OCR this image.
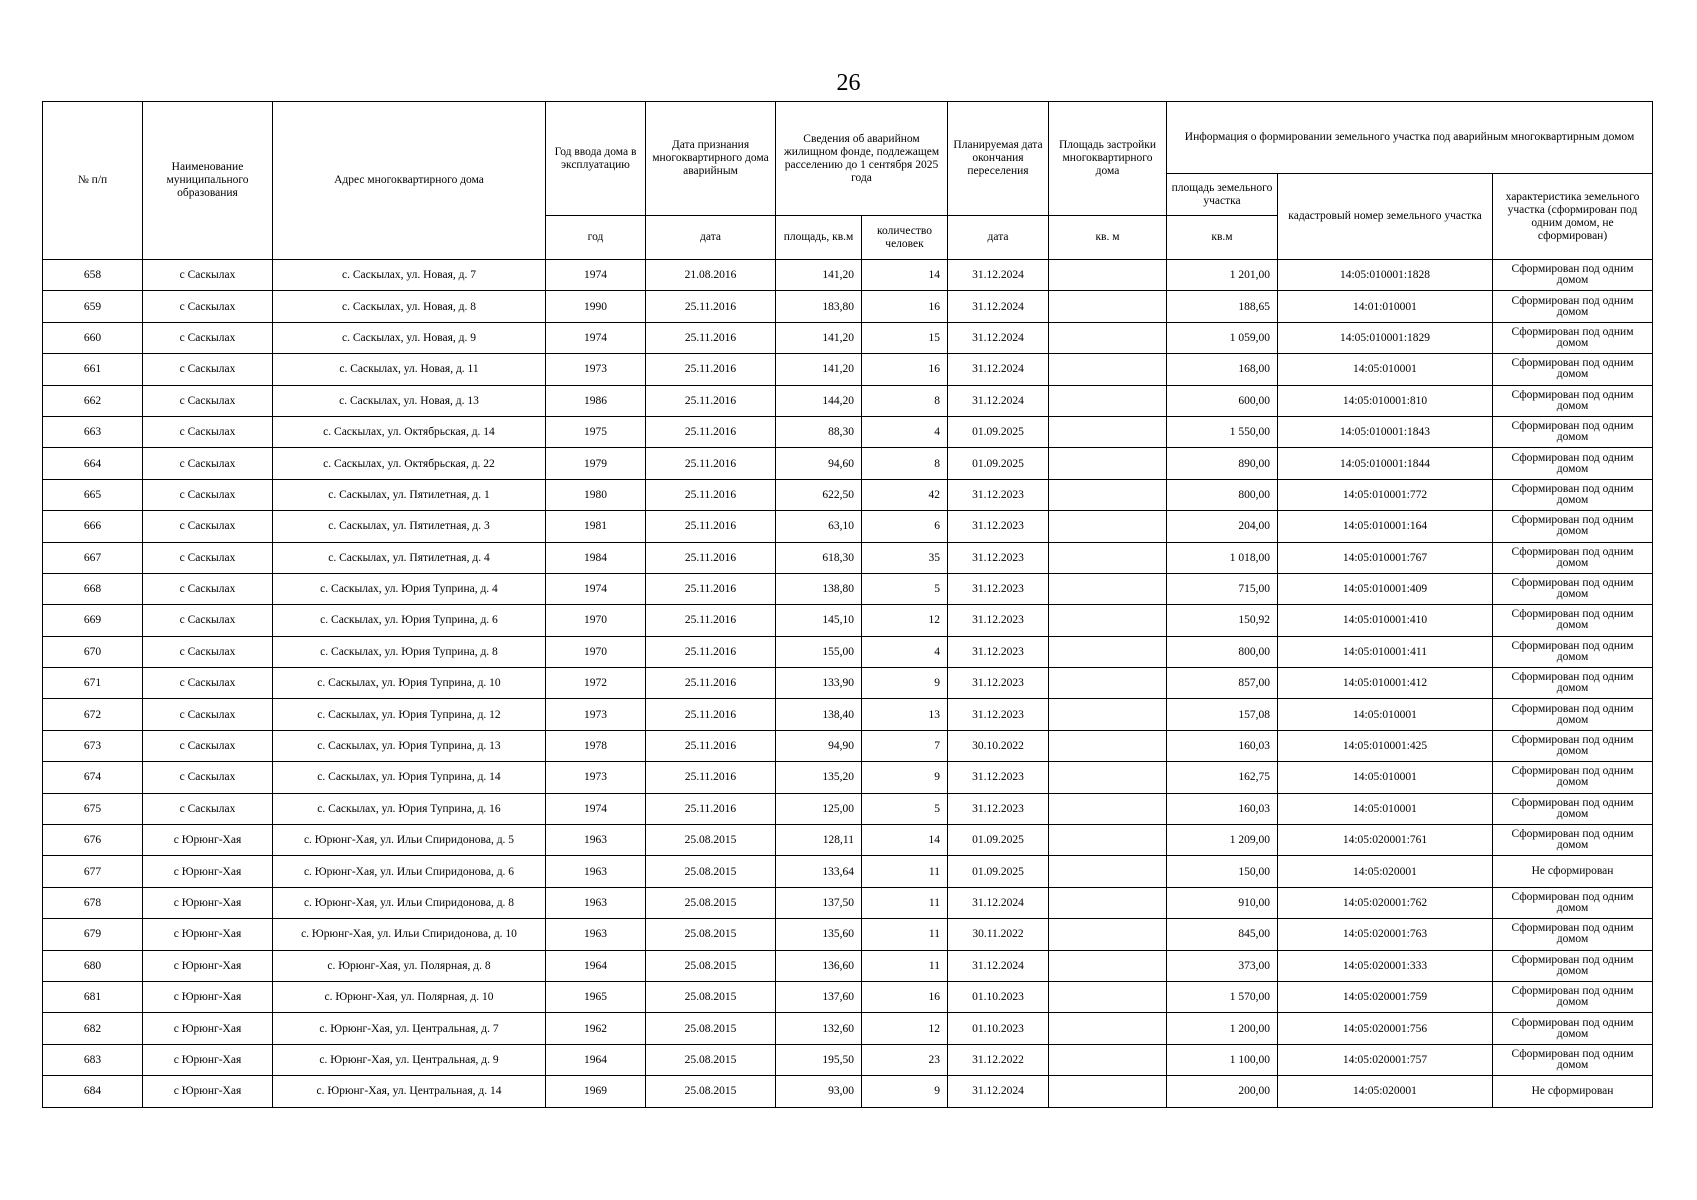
26
№ п/п	Наименование муниципального образования	Адрес многоквартирного дома	Год ввода дома в эксплуатацию	Дата признания многоквартирного дома аварийным	Сведения об аварийном жилищном фонде, подлежащем расселению до 1 сентября 2025 года		Планируемая дата окончания переселения	Площадь застройки многоквартирного дома	Информация о формировании земельного участка под аварийным многоквартирным домом		
									площадь земельного участка	кадастровый номер земельного участка	характеристика земельного участка (сформирован под одним домом, не сформирован)
			год	дата	площадь, кв.м	количество человек	дата	кв. м	кв.м		
658	с Саскылах	с. Саскылах, ул. Новая, д. 7	1974	21.08.2016	141,20	14	31.12.2024		1 201,00	14:05:010001:1828	Сформирован под одним домом
659	с Саскылах	с. Саскылах, ул. Новая, д. 8	1990	25.11.2016	183,80	16	31.12.2024		188,65	14:01:010001	Сформирован под одним домом
660	с Саскылах	с. Саскылах, ул. Новая, д. 9	1974	25.11.2016	141,20	15	31.12.2024		1 059,00	14:05:010001:1829	Сформирован под одним домом
661	с Саскылах	с. Саскылах, ул. Новая, д. 11	1973	25.11.2016	141,20	16	31.12.2024		168,00	14:05:010001	Сформирован под одним домом
662	с Саскылах	с. Саскылах, ул. Новая, д. 13	1986	25.11.2016	144,20	8	31.12.2024		600,00	14:05:010001:810	Сформирован под одним домом
663	с Саскылах	с. Саскылах, ул. Октябрьская, д. 14	1975	25.11.2016	88,30	4	01.09.2025		1 550,00	14:05:010001:1843	Сформирован под одним домом
664	с Саскылах	с. Саскылах, ул. Октябрьская, д. 22	1979	25.11.2016	94,60	8	01.09.2025		890,00	14:05:010001:1844	Сформирован под одним домом
665	с Саскылах	с. Саскылах, ул. Пятилетная, д. 1	1980	25.11.2016	622,50	42	31.12.2023		800,00	14:05:010001:772	Сформирован под одним домом
666	с Саскылах	с. Саскылах, ул. Пятилетная, д. 3	1981	25.11.2016	63,10	6	31.12.2023		204,00	14:05:010001:164	Сформирован под одним домом
667	с Саскылах	с. Саскылах, ул. Пятилетная, д. 4	1984	25.11.2016	618,30	35	31.12.2023		1 018,00	14:05:010001:767	Сформирован под одним домом
668	с Саскылах	с. Саскылах, ул. Юрия Туприна, д. 4	1974	25.11.2016	138,80	5	31.12.2023		715,00	14:05:010001:409	Сформирован под одним домом
669	с Саскылах	с. Саскылах, ул. Юрия Туприна, д. 6	1970	25.11.2016	145,10	12	31.12.2023		150,92	14:05:010001:410	Сформирован под одним домом
670	с Саскылах	с. Саскылах, ул. Юрия Туприна, д. 8	1970	25.11.2016	155,00	4	31.12.2023		800,00	14:05:010001:411	Сформирован под одним домом
671	с Саскылах	с. Саскылах, ул. Юрия Туприна, д. 10	1972	25.11.2016	133,90	9	31.12.2023		857,00	14:05:010001:412	Сформирован под одним домом
672	с Саскылах	с. Саскылах, ул. Юрия Туприна, д. 12	1973	25.11.2016	138,40	13	31.12.2023		157,08	14:05:010001	Сформирован под одним домом
673	с Саскылах	с. Саскылах, ул. Юрия Туприна, д. 13	1978	25.11.2016	94,90	7	30.10.2022		160,03	14:05:010001:425	Сформирован под одним домом
674	с Саскылах	с. Саскылах, ул. Юрия Туприна, д. 14	1973	25.11.2016	135,20	9	31.12.2023		162,75	14:05:010001	Сформирован под одним домом
675	с Саскылах	с. Саскылах, ул. Юрия Туприна, д. 16	1974	25.11.2016	125,00	5	31.12.2023		160,03	14:05:010001	Сформирован под одним домом
676	с Юрюнг-Хая	с. Юрюнг-Хая, ул. Ильи Спиридонова, д. 5	1963	25.08.2015	128,11	14	01.09.2025		1 209,00	14:05:020001:761	Сформирован под одним домом
677	с Юрюнг-Хая	с. Юрюнг-Хая, ул. Ильи Спиридонова, д. 6	1963	25.08.2015	133,64	11	01.09.2025		150,00	14:05:020001	Не сформирован
678	с Юрюнг-Хая	с. Юрюнг-Хая, ул. Ильи Спиридонова, д. 8	1963	25.08.2015	137,50	11	31.12.2024		910,00	14:05:020001:762	Сформирован под одним домом
679	с Юрюнг-Хая	с. Юрюнг-Хая, ул. Ильи Спиридонова, д. 10	1963	25.08.2015	135,60	11	30.11.2022		845,00	14:05:020001:763	Сформирован под одним домом
680	с Юрюнг-Хая	с. Юрюнг-Хая, ул. Полярная, д. 8	1964	25.08.2015	136,60	11	31.12.2024		373,00	14:05:020001:333	Сформирован под одним домом
681	с Юрюнг-Хая	с. Юрюнг-Хая, ул. Полярная, д. 10	1965	25.08.2015	137,60	16	01.10.2023		1 570,00	14:05:020001:759	Сформирован под одним домом
682	с Юрюнг-Хая	с. Юрюнг-Хая, ул. Центральная, д. 7	1962	25.08.2015	132,60	12	01.10.2023		1 200,00	14:05:020001:756	Сформирован под одним домом
683	с Юрюнг-Хая	с. Юрюнг-Хая, ул. Центральная, д. 9	1964	25.08.2015	195,50	23	31.12.2022		1 100,00	14:05:020001:757	Сформирован под одним домом
684	с Юрюнг-Хая	с. Юрюнг-Хая, ул. Центральная, д. 14	1969	25.08.2015	93,00	9	31.12.2024		200,00	14:05:020001	Не сформирован
